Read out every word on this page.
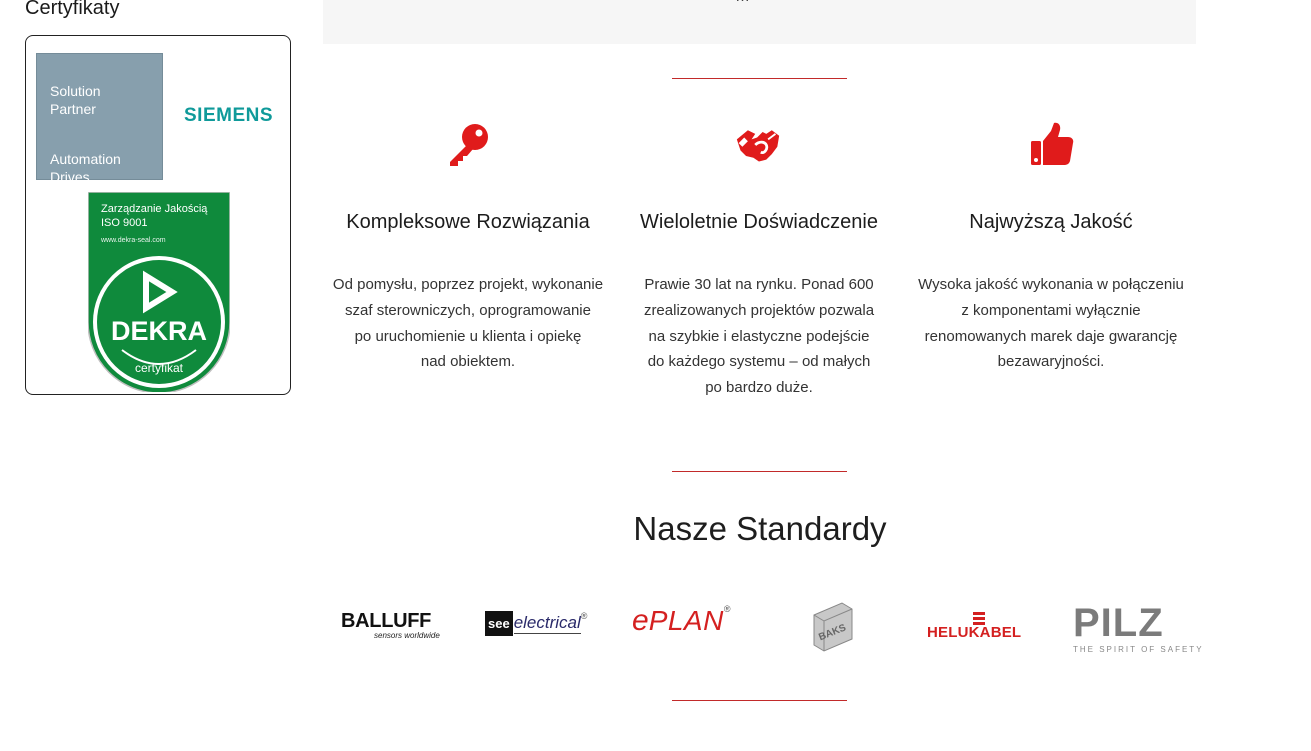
Certyfikaty
Solution
Partner
Automation
Drives
SIEMENS
Zarządzanie Jakością
ISO 9001
www.dekra-seal.com
DEKRA
certyfikat
Kompleksowe Rozwiązania	Wieloletnie Doświadczenie	Najwyższą Jakość
Od pomysłu, poprzez projekt, wykonanie
szaf sterowniczych, oprogramowanie
po uruchomienie u klienta i opiekę
nad obiektem.
Prawie 30 lat na rynku. Ponad 600
zrealizowanych projektów pozwala
na szybkie i elastyczne podejście
do każdego systemu – od małych
po bardzo duże.
Wysoka jakość wykonania w połączeniu
z komponentami wyłącznie
renomowanych marek daje gwarancję
bezawaryjności.
Nasze Standardy
BALLUFF
sensors worldwide
see electrical® ePLAN®
BAKS	HELUKABEL PILZ
THE SPIRIT OF SAFETY
